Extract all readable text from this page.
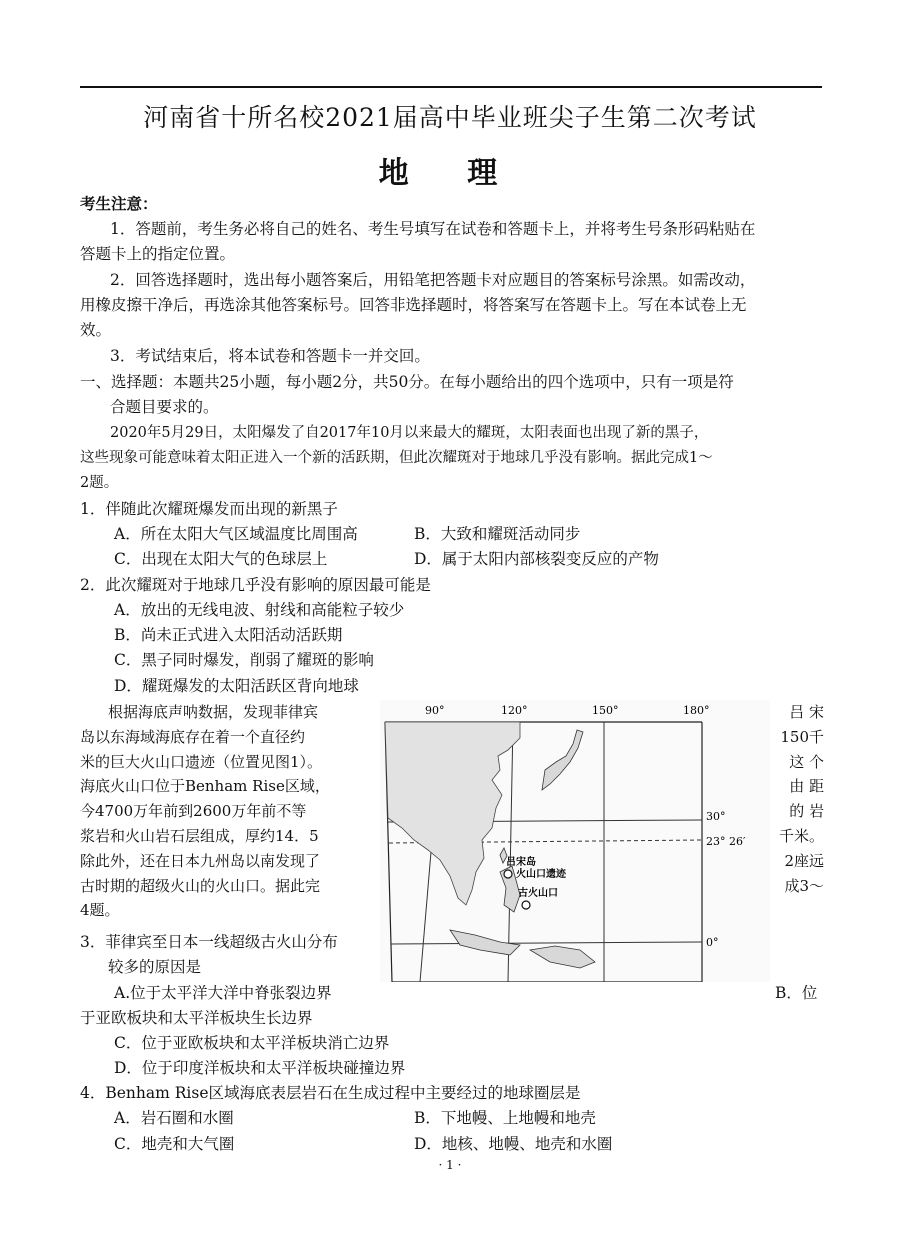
河南省十所名校2021届高中毕业班尖子生第二次考试
地 理
考生注意：
1．答题前，考生务必将自己的姓名、考生号填写在试卷和答题卡上，并将考生号条形码粘贴在
答题卡上的指定位置。
2．回答选择题时，选出每小题答案后，用铅笔把答题卡对应题目的答案标号涂黑。如需改动，
用橡皮擦干净后，再选涂其他答案标号。回答非选择题时，将答案写在答题卡上。写在本试卷上无
效。
3．考试结束后，将本试卷和答题卡一并交回。
一、选择题：本题共25小题，每小题2分，共50分。在每小题给出的四个选项中，只有一项是符
合题目要求的。
2020年5月29日，太阳爆发了自2017年10月以来最大的耀斑，太阳表面也出现了新的黑子，
这些现象可能意味着太阳正进入一个新的活跃期，但此次耀斑对于地球几乎没有影响。据此完成1～
2题。
1．伴随此次耀斑爆发而出现的新黑子
A．所在太阳大气区域温度比周围高	B．大致和耀斑活动同步
C．出现在太阳大气的色球层上	D．属于太阳内部核裂变反应的产物
2．此次耀斑对于地球几乎没有影响的原因最可能是
A．放出的无线电波、射线和高能粒子较少
B．尚未正式进入太阳活动活跃期
C．黑子同时爆发，削弱了耀斑的影响
D．耀斑爆发的太阳活跃区背向地球
根据海底声呐数据，发现菲律宾
岛以东海域海底存在着一个直径约
米的巨大火山口遗迹（位置见图1）。
海底火山口位于Benham Rise区域，
今4700万年前到2600万年前不等
浆岩和火山岩石层组成，厚约14．5
除此外，还在日本九州岛以南发现了
古时期的超级火山的火山口。据此完
4题。
吕 宋
150千
这 个
由 距
的 岩
千米。
2座远
成3～
90°	120°	150°	180°
吕宋岛
火山口遗迹
古火山口
30°
23° 26′
0°
3．菲律宾至日本一线超级古火山分布
较多的原因是
A.位于太平洋大洋中脊张裂边界	B．位
于亚欧板块和太平洋板块生长边界
C．位于亚欧板块和太平洋板块消亡边界
D．位于印度洋板块和太平洋板块碰撞边界
4．Benham Rise区域海底表层岩石在生成过程中主要经过的地球圈层是
A．岩石圈和水圈	B．下地幔、上地幔和地壳
C．地壳和大气圈	D．地核、地幔、地壳和水圈
· 1 ·
